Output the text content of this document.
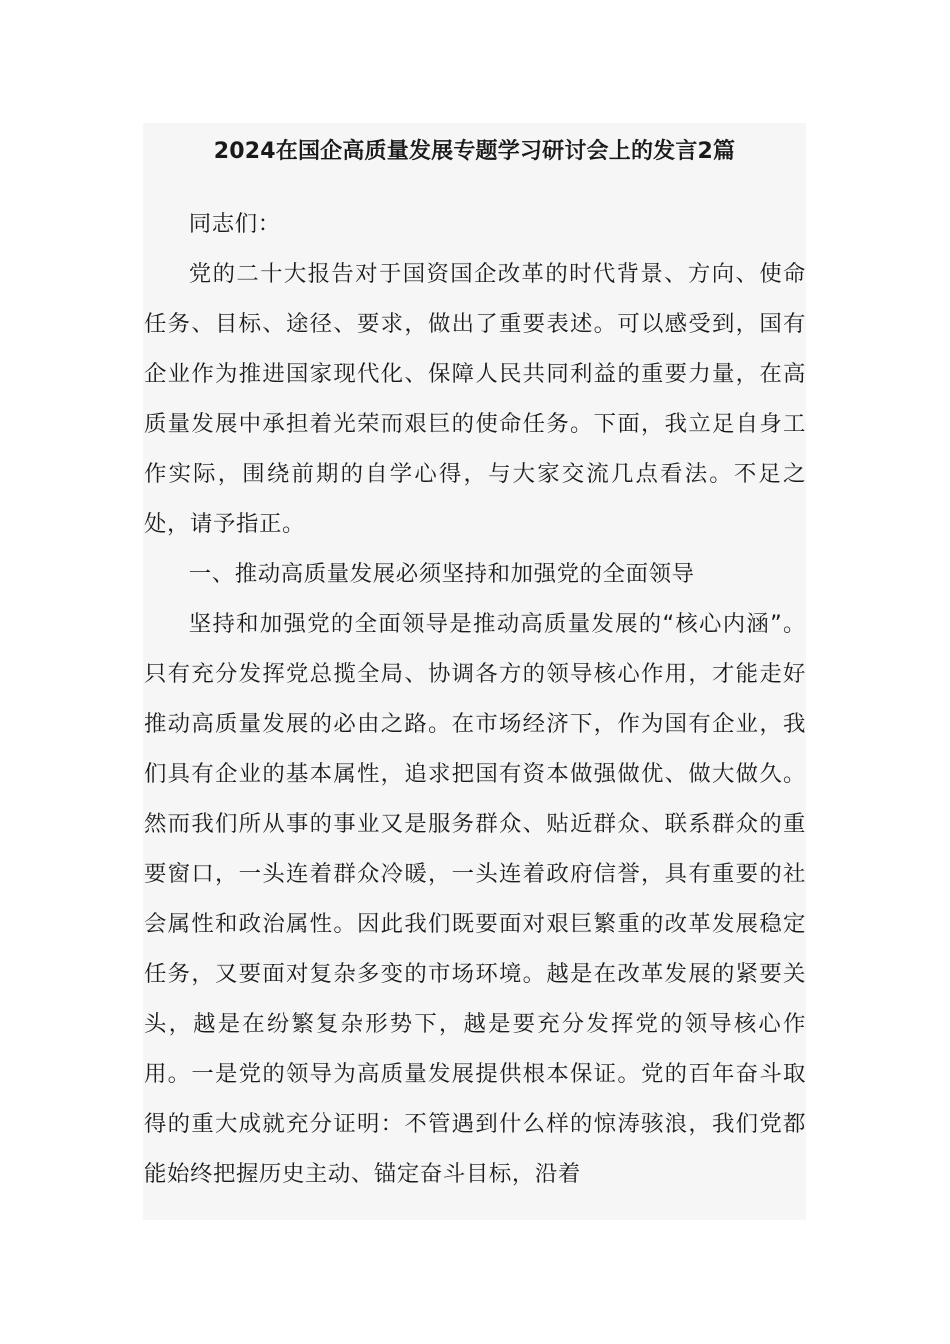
2024在国企高质量发展专题学习研讨会上的发言2篇

同志们：

党的二十大报告对于国资国企改革的时代背景、方向、使命任务、目标、途径、要求，做出了重要表述。可以感受到，国有企业作为推进国家现代化、保障人民共同利益的重要力量，在高质量发展中承担着光荣而艰巨的使命任务。下面，我立足自身工作实际，围绕前期的自学心得，与大家交流几点看法。不足之处，请予指正。

一、推动高质量发展必须坚持和加强党的全面领导

坚持和加强党的全面领导是推动高质量发展的“核心内涵”。只有充分发挥党总揽全局、协调各方的领导核心作用，才能走好推动高质量发展的必由之路。在市场经济下，作为国有企业，我们具有企业的基本属性，追求把国有资本做强做优、做大做久。然而我们所从事的事业又是服务群众、贴近群众、联系群众的重要窗口，一头连着群众冷暖，一头连着政府信誉，具有重要的社会属性和政治属性。因此我们既要面对艰巨繁重的改革发展稳定任务，又要面对复杂多变的市场环境。越是在改革发展的紧要关头，越是在纷繁复杂形势下，越是要充分发挥党的领导核心作用。一是党的领导为高质量发展提供根本保证。党的百年奋斗取得的重大成就充分证明：不管遇到什么样的惊涛骇浪，我们党都能始终把握历史主动、锚定奋斗目标，沿着
